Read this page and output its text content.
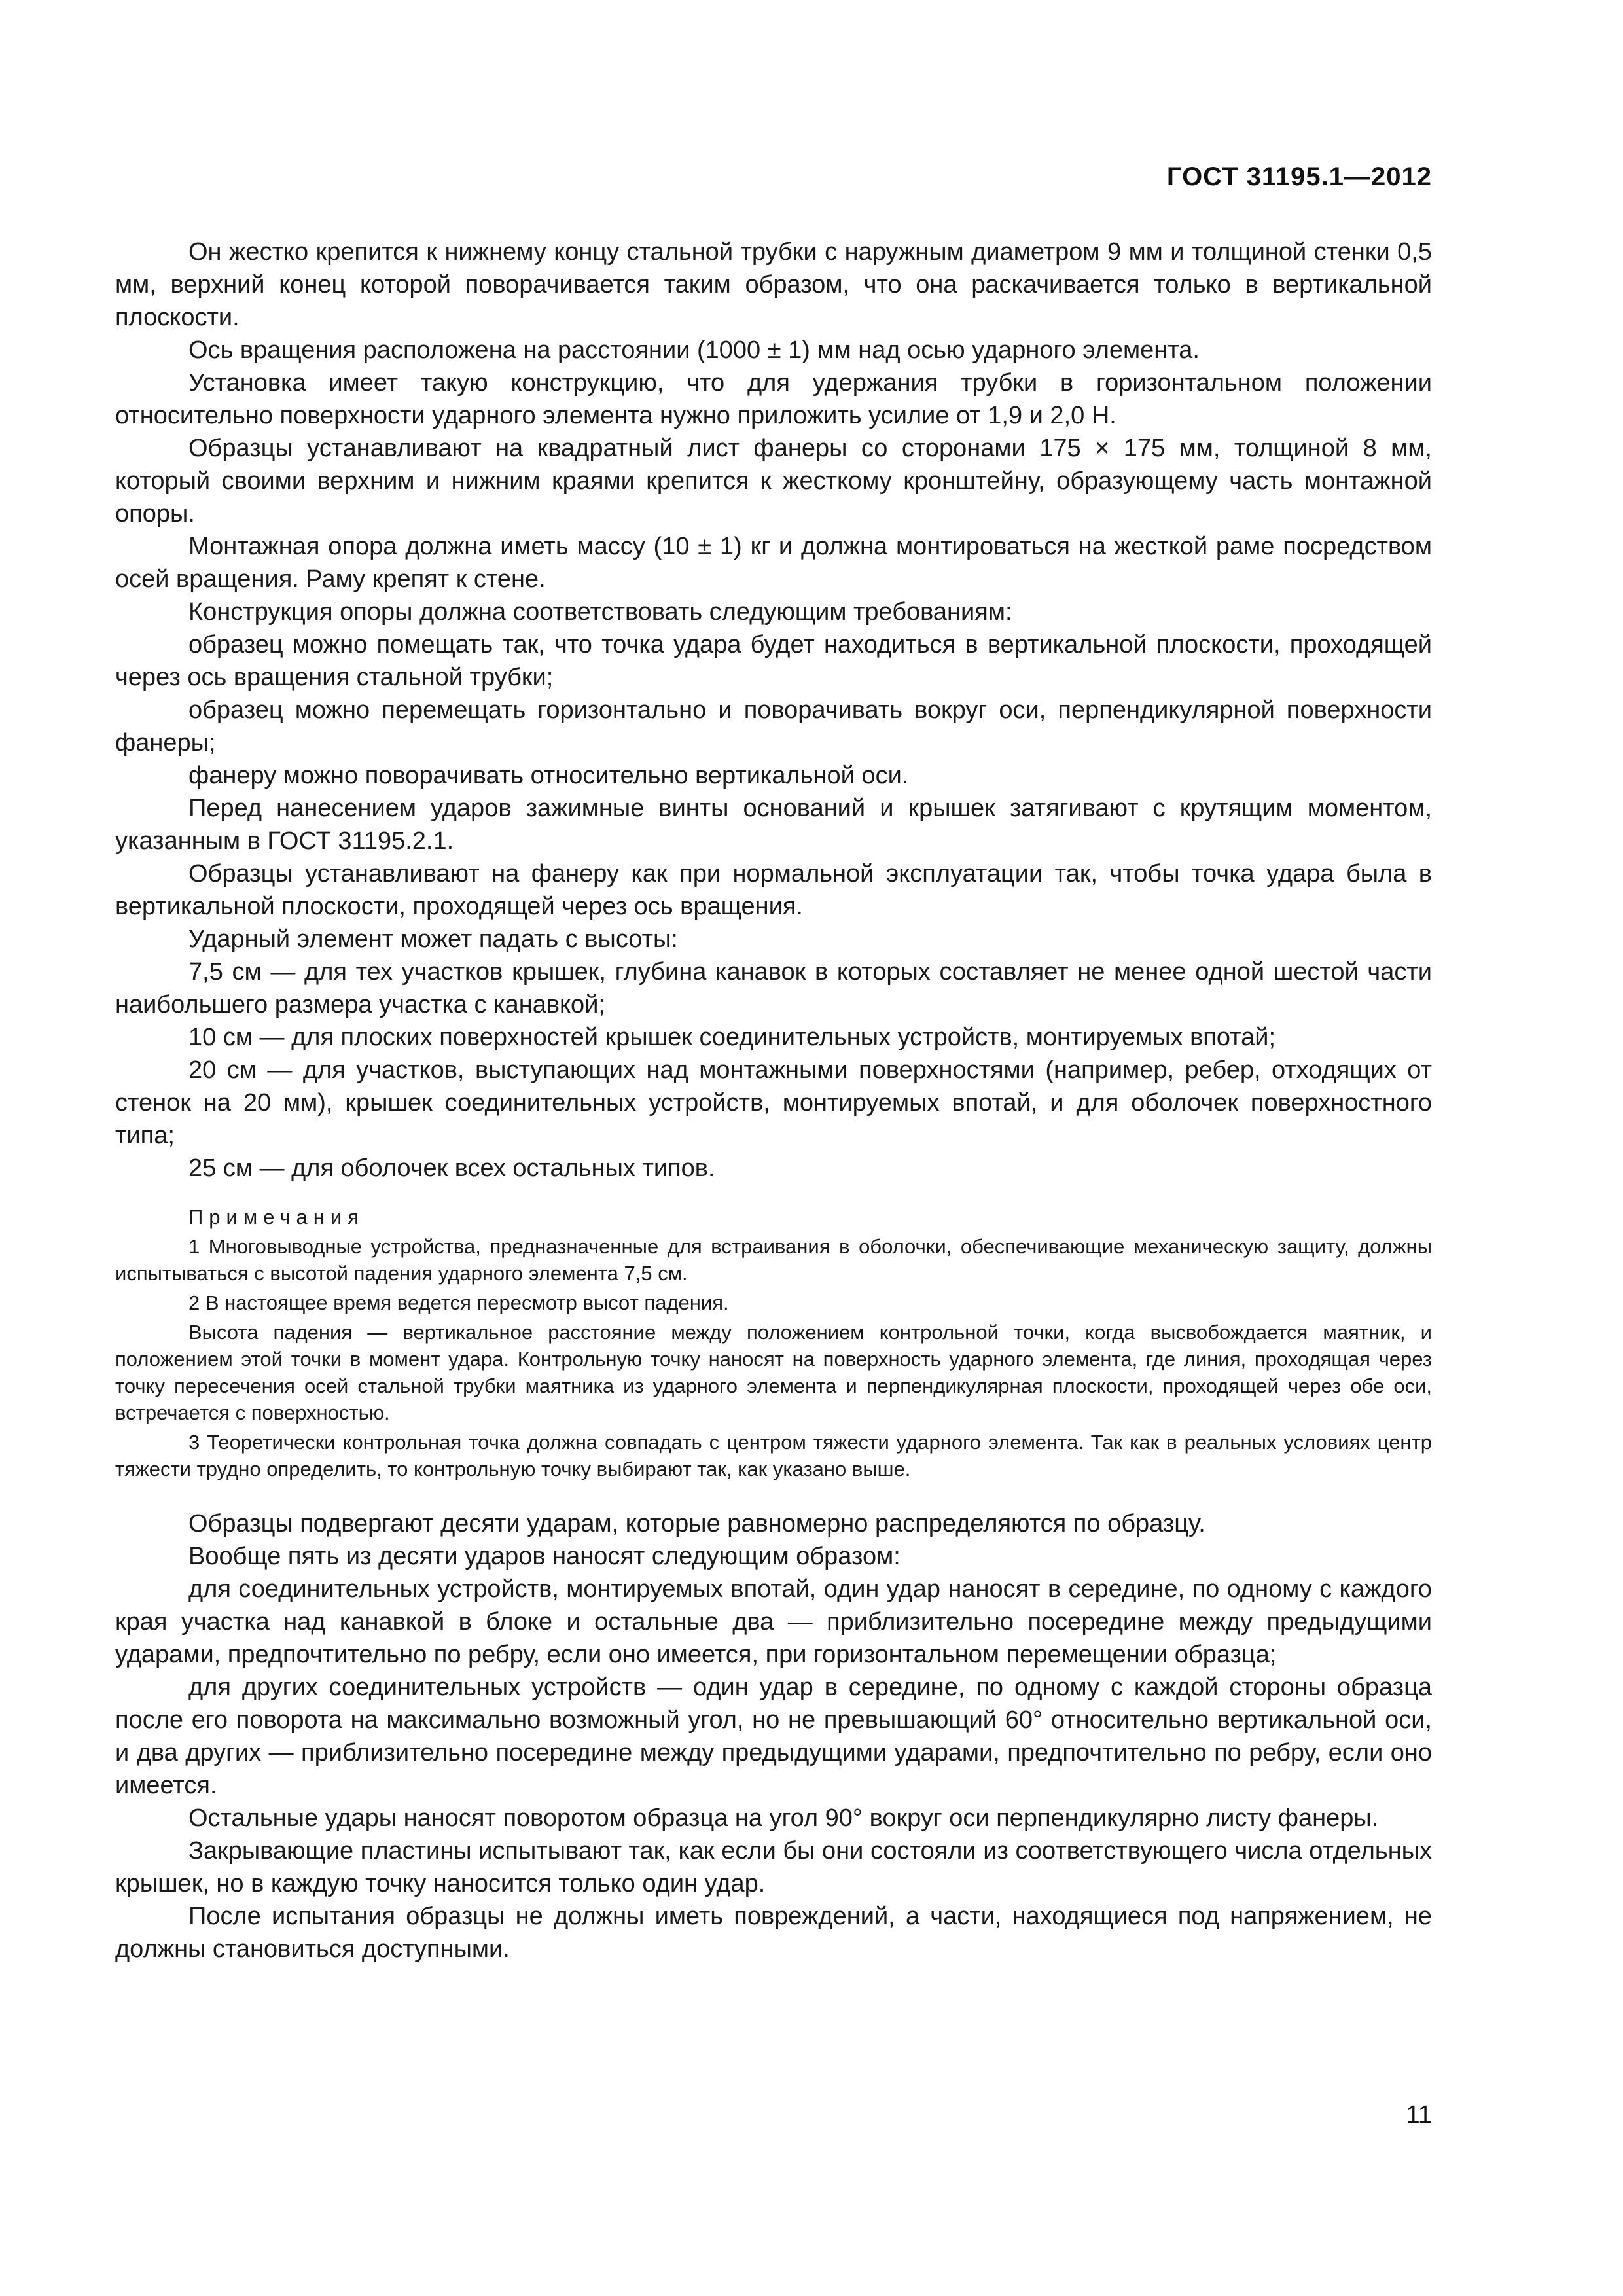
ГОСТ 31195.1—2012

Он жестко крепится к нижнему концу стальной трубки с наружным диаметром 9 мм и толщиной стенки 0,5 мм, верхний конец которой поворачивается таким образом, что она раскачивается только в вертикальной плоскости.

Ось вращения расположена на расстоянии (1000 ± 1) мм над осью ударного элемента.

Установка имеет такую конструкцию, что для удержания трубки в горизонтальном положении относительно поверхности ударного элемента нужно приложить усилие от 1,9 и 2,0 Н.

Образцы устанавливают на квадратный лист фанеры со сторонами 175 × 175 мм, толщиной 8 мм, который своими верхним и нижним краями крепится к жесткому кронштейну, образующему часть монтажной опоры.

Монтажная опора должна иметь массу (10 ± 1) кг и должна монтироваться на жесткой раме посредством осей вращения. Раму крепят к стене.

Конструкция опоры должна соответствовать следующим требованиям:

образец можно помещать так, что точка удара будет находиться в вертикальной плоскости, проходящей через ось вращения стальной трубки;

образец можно перемещать горизонтально и поворачивать вокруг оси, перпендикулярной поверхности фанеры;

фанеру можно поворачивать относительно вертикальной оси.

Перед нанесением ударов зажимные винты оснований и крышек затягивают с крутящим моментом, указанным в ГОСТ 31195.2.1.

Образцы устанавливают на фанеру как при нормальной эксплуатации так, чтобы точка удара была в вертикальной плоскости, проходящей через ось вращения.

Ударный элемент может падать с высоты:

7,5 см — для тех участков крышек, глубина канавок в которых составляет не менее одной шестой части наибольшего размера участка с канавкой;

10 см — для плоских поверхностей крышек соединительных устройств, монтируемых впотай;

20 см — для участков, выступающих над монтажными поверхностями (например, ребер, отходящих от стенок на 20 мм), крышек соединительных устройств, монтируемых впотай, и для оболочек поверхностного типа;

25 см — для оболочек всех остальных типов.

Примечания

1 Многовыводные устройства, предназначенные для встраивания в оболочки, обеспечивающие механическую защиту, должны испытываться с высотой падения ударного элемента 7,5 см.

2 В настоящее время ведется пересмотр высот падения.

Высота падения — вертикальное расстояние между положением контрольной точки, когда высвобождается маятник, и положением этой точки в момент удара. Контрольную точку наносят на поверхность ударного элемента, где линия, проходящая через точку пересечения осей стальной трубки маятника из ударного элемента и перпендикулярная плоскости, проходящей через обе оси, встречается с поверхностью.

3 Теоретически контрольная точка должна совпадать с центром тяжести ударного элемента. Так как в реальных условиях центр тяжести трудно определить, то контрольную точку выбирают так, как указано выше.

Образцы подвергают десяти ударам, которые равномерно распределяются по образцу.

Вообще пять из десяти ударов наносят следующим образом:

для соединительных устройств, монтируемых впотай, один удар наносят в середине, по одному с каждого края участка над канавкой в блоке и остальные два — приблизительно посередине между предыдущими ударами, предпочтительно по ребру, если оно имеется, при горизонтальном перемещении образца;

для других соединительных устройств — один удар в середине, по одному с каждой стороны образца после его поворота на максимально возможный угол, но не превышающий 60° относительно вертикальной оси, и два других — приблизительно посередине между предыдущими ударами, предпочтительно по ребру, если оно имеется.

Остальные удары наносят поворотом образца на угол 90° вокруг оси перпендикулярно листу фанеры.

Закрывающие пластины испытывают так, как если бы они состояли из соответствующего числа отдельных крышек, но в каждую точку наносится только один удар.

После испытания образцы не должны иметь повреждений, а части, находящиеся под напряжением, не должны становиться доступными.

11
